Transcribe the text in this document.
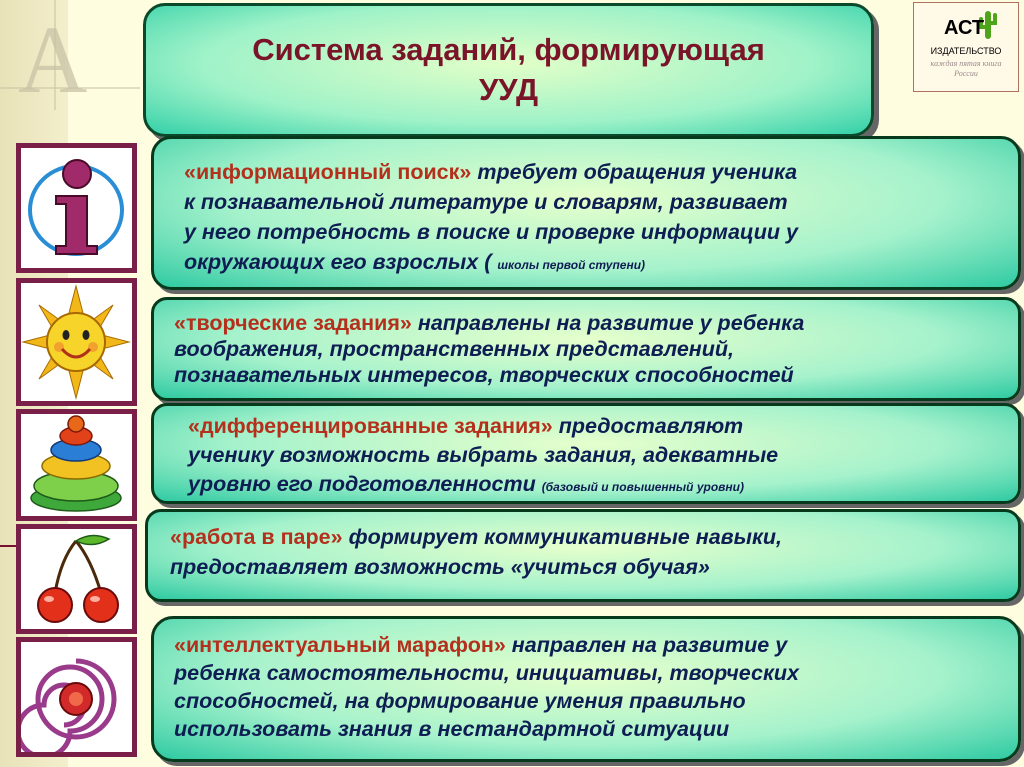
A	Система заданий, формирующая
УУД
АСТ
ИЗДАТЕЛЬСТВО
каждая пятая книга
России
«информационный поиск» требует обращения ученика
к познавательной литературе и словарям, развивает
у него потребность в поиске и проверке информации у
окружающих его взрослых ( школы первой ступени)
«творческие задания» направлены на развитие у ребенка
воображения, пространственных представлений,
познавательных интересов, творческих способностей
«дифференцированные задания» предоставляют
ученику возможность выбрать задания, адекватные
уровню его подготовленности (базовый и повышенный уровни)
«работа в паре» формирует коммуникативные навыки,
предоставляет возможность «учиться обучая»
«интеллектуальный марафон» направлен на развитие у
ребенка самостоятельности, инициативы, творческих
способностей, на формирование умения правильно
использовать знания в нестандартной ситуации
